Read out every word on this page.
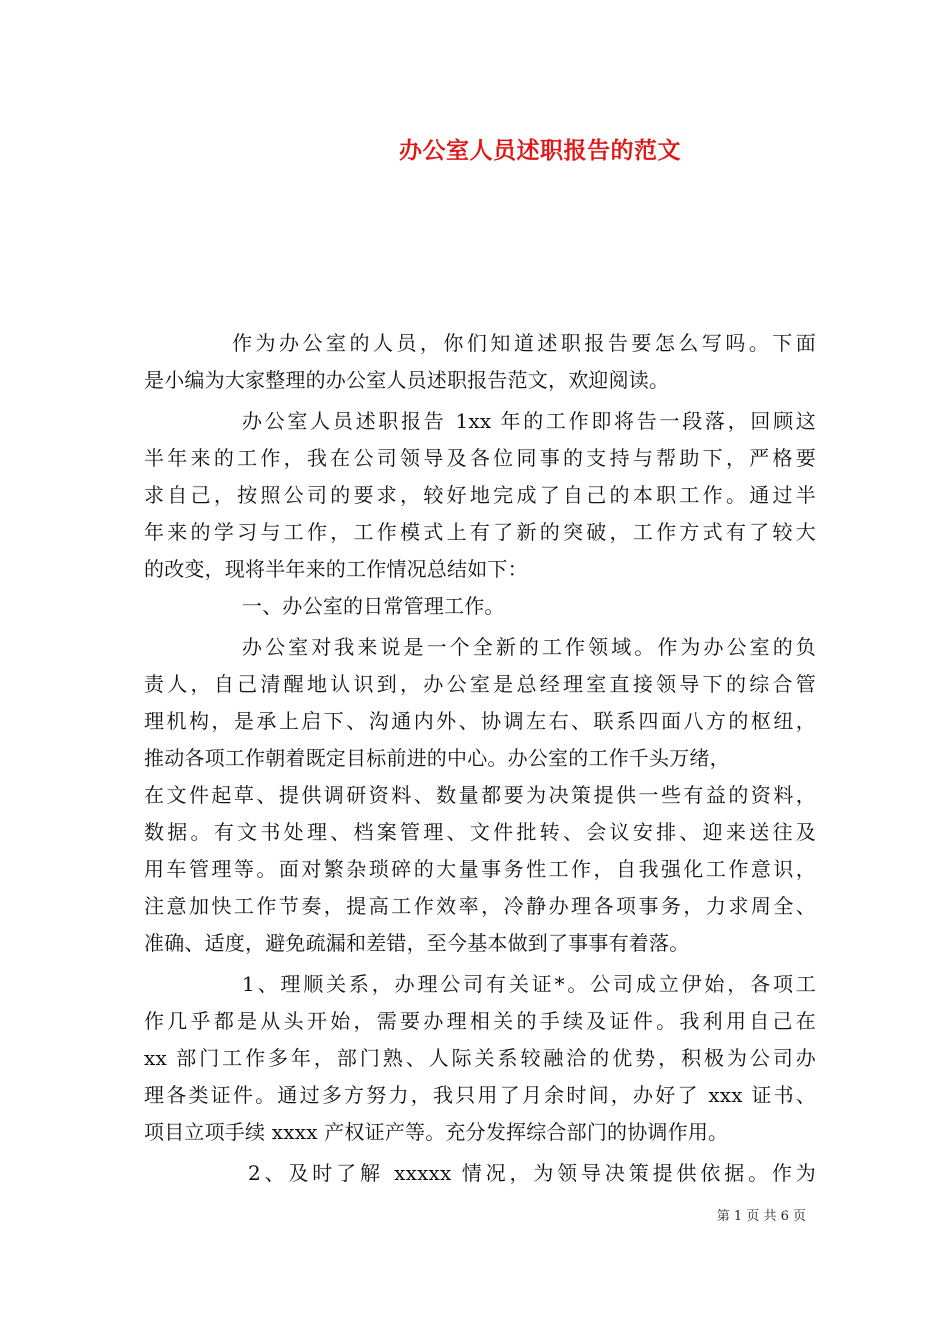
办公室人员述职报告的范文
作为办公室的人员，你们知道述职报告要怎么写吗。下面
是小编为大家整理的办公室人员述职报告范文，欢迎阅读。
办公室人员述职报告 1xx 年的工作即将告一段落，回顾这
半年来的工作，我在公司领导及各位同事的支持与帮助下，严格要
求自己，按照公司的要求，较好地完成了自己的本职工作。通过半
年来的学习与工作，工作模式上有了新的突破，工作方式有了较大
的改变，现将半年来的工作情况总结如下：
一、办公室的日常管理工作。
办公室对我来说是一个全新的工作领域。作为办公室的负
责人，自己清醒地认识到，办公室是总经理室直接领导下的综合管
理机构，是承上启下、沟通内外、协调左右、联系四面八方的枢纽，
推动各项工作朝着既定目标前进的中心。办公室的工作千头万绪，
在文件起草、提供调研资料、数量都要为决策提供一些有益的资料，
数据。有文书处理、档案管理、文件批转、会议安排、迎来送往及
用车管理等。面对繁杂琐碎的大量事务性工作，自我强化工作意识，
注意加快工作节奏，提高工作效率，冷静办理各项事务，力求周全、
准确、适度，避免疏漏和差错，至今基本做到了事事有着落。
1、理顺关系，办理公司有关证*。公司成立伊始，各项工
作几乎都是从头开始，需要办理相关的手续及证件。我利用自己在
xx 部门工作多年，部门熟、人际关系较融洽的优势，积极为公司办
理各类证件。通过多方努力，我只用了月余时间，办好了 xxx 证书、
项目立项手续 xxxx 产权证产等。充分发挥综合部门的协调作用。
2、及时了解 xxxxx 情况，为领导决策提供依据。作为
第 1 页 共 6 页
